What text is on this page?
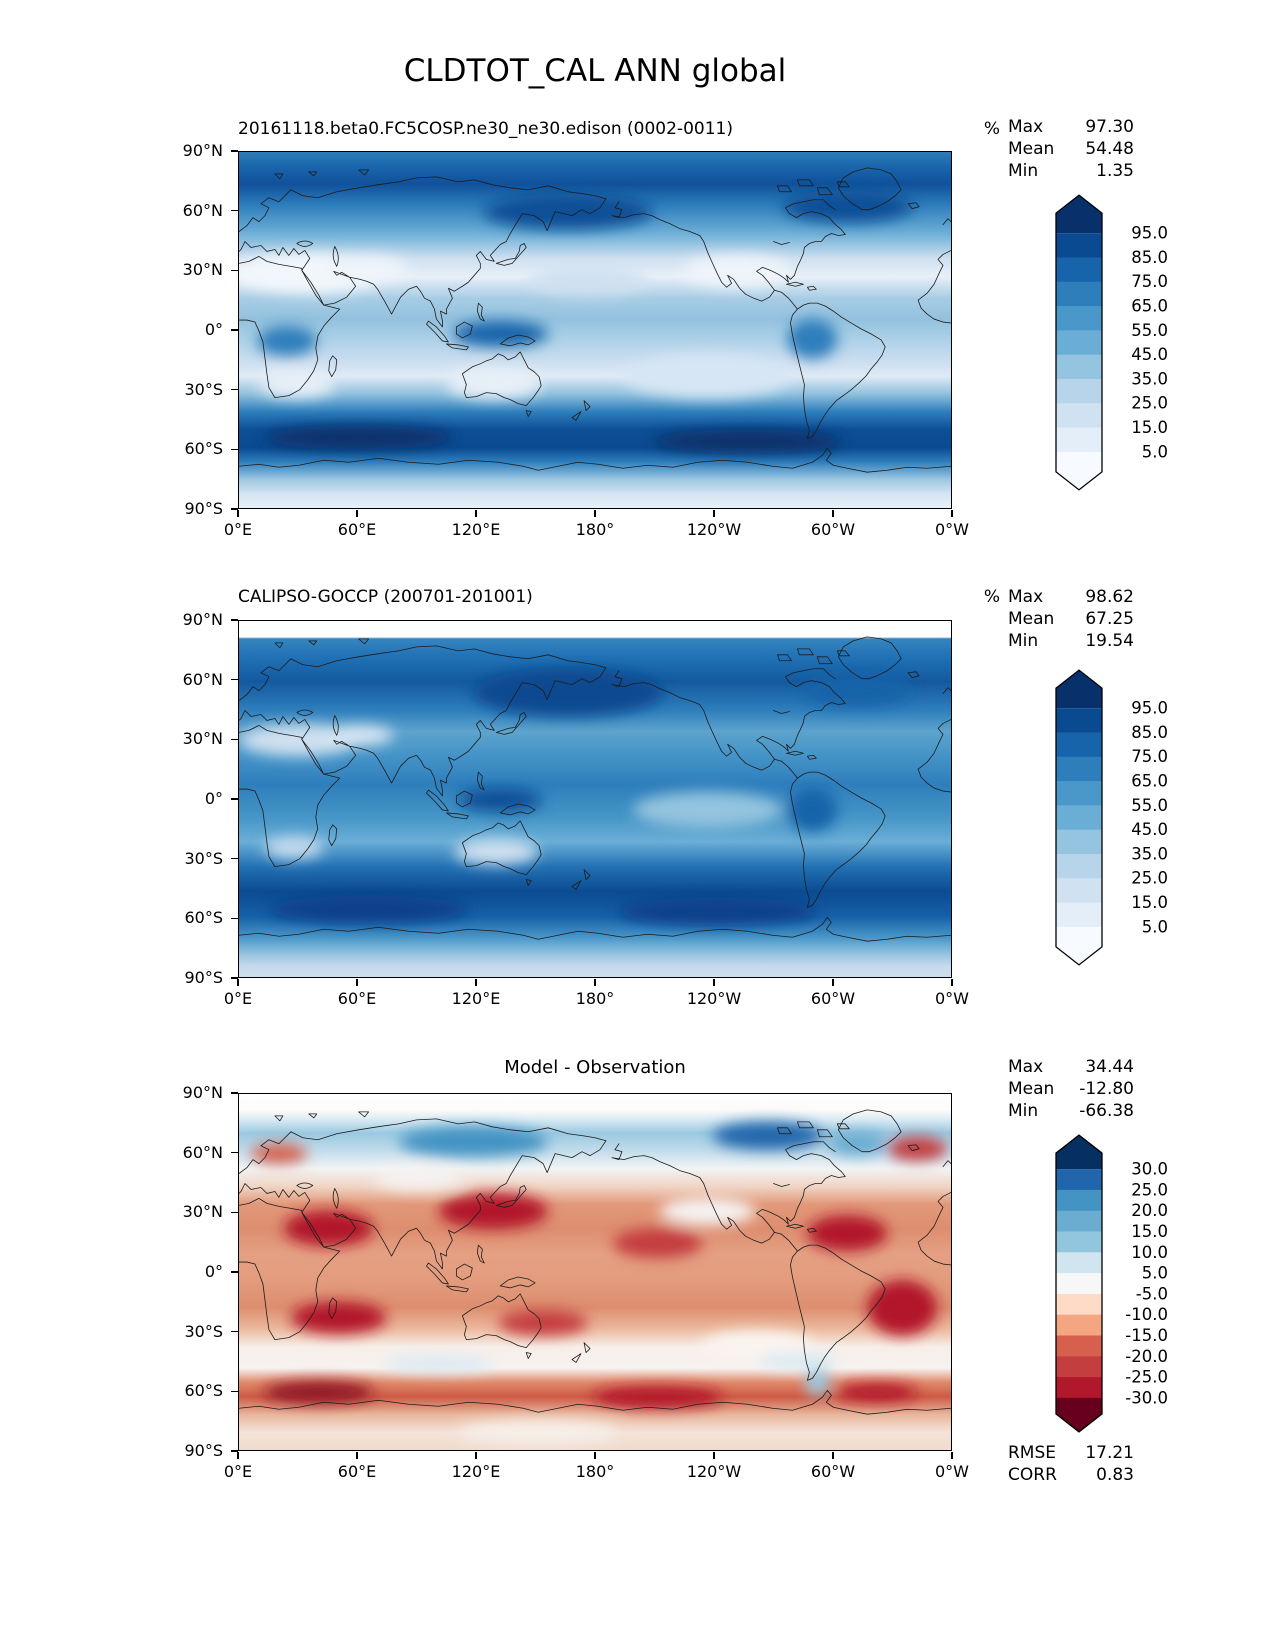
CLDTOT_CAL ANN global
20161118.beta0.FC5COSP.ne30_ne30.edison (0002-0011)	% Max 97.30
Mean 54.48
Min	1.35
95.0
85.0
75.0
65.0
55.0
45.0
35.0
25.0
15.0
5.0
CALIPSO-GOCCP (200701-201001)	% Max 98.62
Mean 67.25
Min	19.54
95.0
85.0
75.0
65.0
55.0
45.0
35.0
25.0
15.0
5.0
Model - Observation	Max 34.44
Mean -12.80
Min -66.38
30.0
25.0
20.0
15.0
10.0
5.0
-5.0
-10.0
-15.0
-20.0
-25.0
-30.0
RMSE 17.21
CORR 0.83
90°N
60°N
30°N
0°
30°S
60°S
90°S
0°E	60°E	120°E	180°	120°W	60°W	0°W
90°N
60°N
30°N
0°
30°S
60°S
90°S
0°E	60°E	120°E	180°	120°W	60°W	0°W
90°N
60°N
30°N
0°
30°S
60°S
90°S
0°E	60°E	120°E	180°	120°W	60°W	0°W
